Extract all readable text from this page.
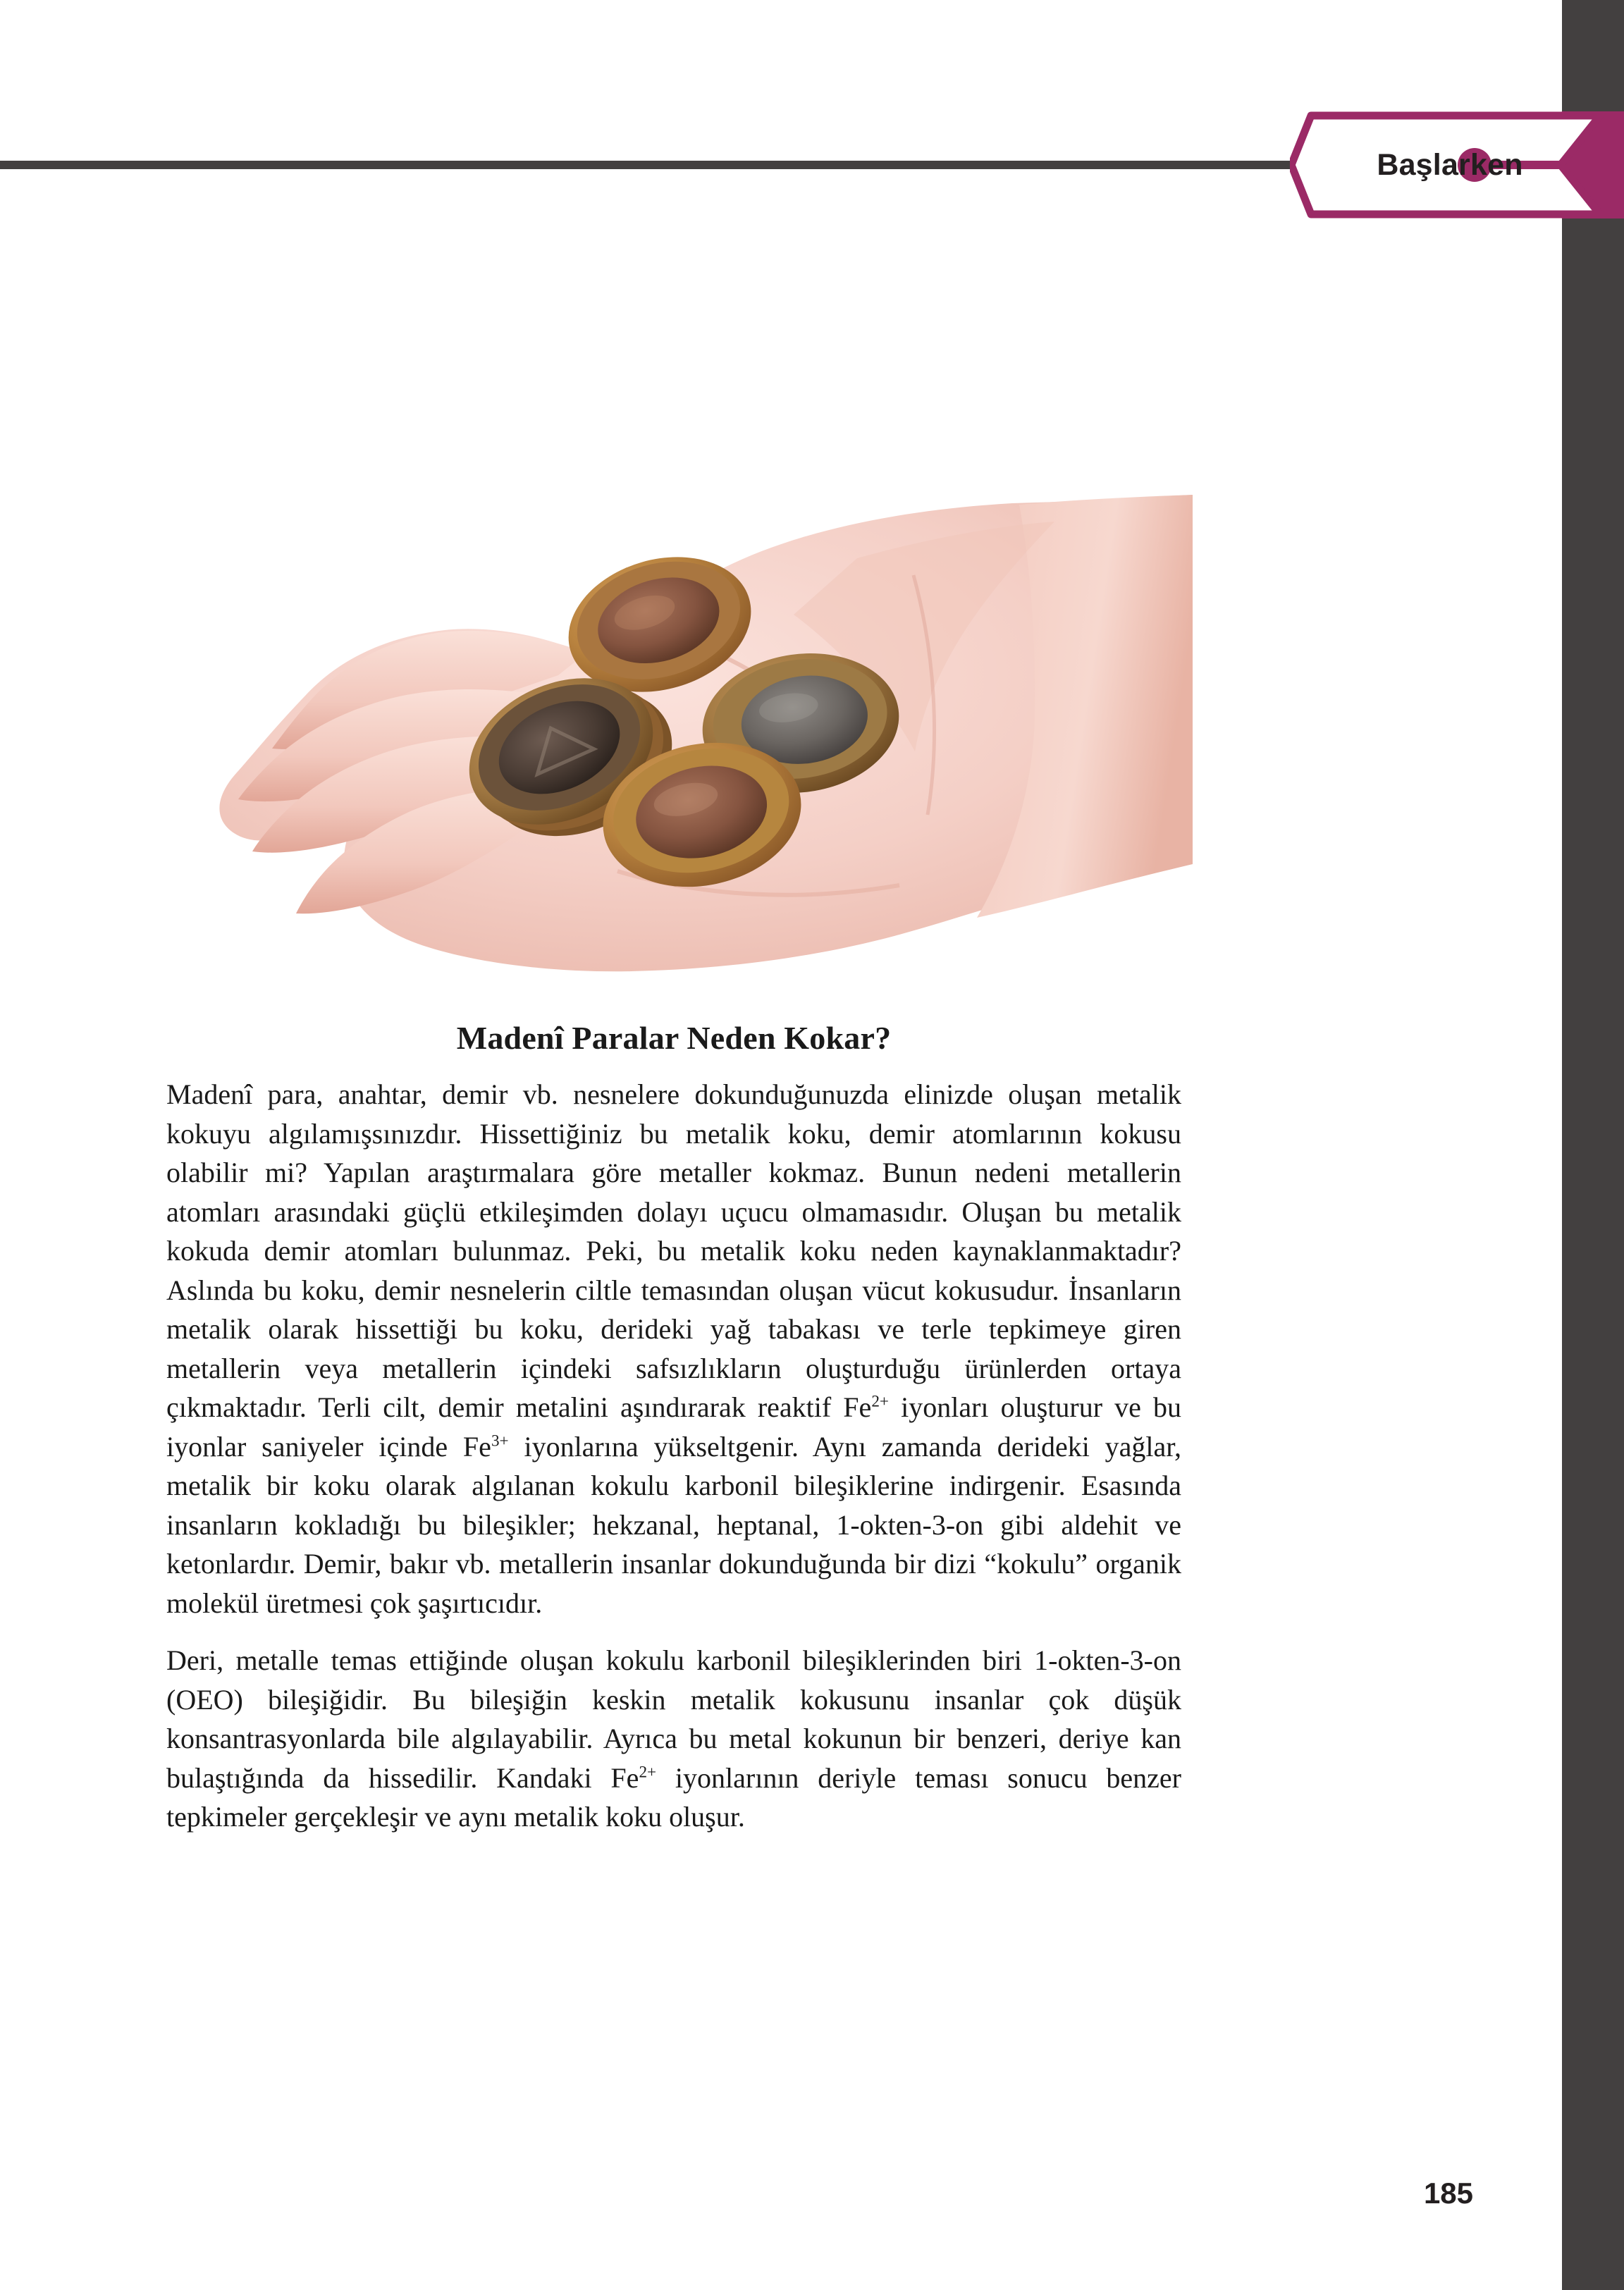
Başlarken
Madenî Paralar Neden Kokar?

Madenî para, anahtar, demir vb. nesnelere dokunduğunuzda elinizde oluşan metalik kokuyu algılamışsınızdır. Hissettiğiniz bu metalik koku, demir atomlarının kokusu olabilir mi? Yapılan araştırmalara göre metaller kokmaz. Bunun nedeni metallerin atomları arasındaki güçlü etkileşimden dolayı uçucu olmamasıdır. Oluşan bu metalik kokuda demir atomları bulunmaz. Peki, bu metalik koku neden kaynaklanmaktadır? Aslında bu koku, demir nesnelerin ciltle temasından oluşan vücut kokusudur. İnsanların metalik olarak hissettiği bu koku, derideki yağ tabakası ve terle tepkimeye giren metallerin veya metallerin içindeki safsızlıkların oluşturduğu ürünlerden ortaya çıkmaktadır. Terli cilt, demir metalini aşındırarak reaktif $Fe^{2+}$ iyonları oluşturur ve bu iyonlar saniyeler içinde $Fe^{3+}$ iyonlarına yükseltgenir. Aynı zamanda derideki yağlar, metalik bir koku olarak algılanan kokulu karbonil bileşiklerine indirgenir. Esasında insanların kokladığı bu bileşikler; hekzanal, heptanal, 1-okten-3-on gibi aldehit ve ketonlardır. Demir, bakır vb. metallerin insanlar dokunduğunda bir dizi “kokulu” organik molekül üretmesi çok şaşırtıcıdır.

Deri, metalle temas ettiğinde oluşan kokulu karbonil bileşiklerinden biri 1-okten-3-on (OEO) bileşiğidir. Bu bileşiğin keskin metalik kokusunu insanlar çok düşük konsantrasyonlarda bile algılayabilir. Ayrıca bu metal kokunun bir benzeri, deriye kan bulaştığında da hissedilir. Kandaki $Fe^{2+}$ iyonlarının deriyle teması sonucu benzer tepkimeler gerçekleşir ve aynı metalik koku oluşur.

185
